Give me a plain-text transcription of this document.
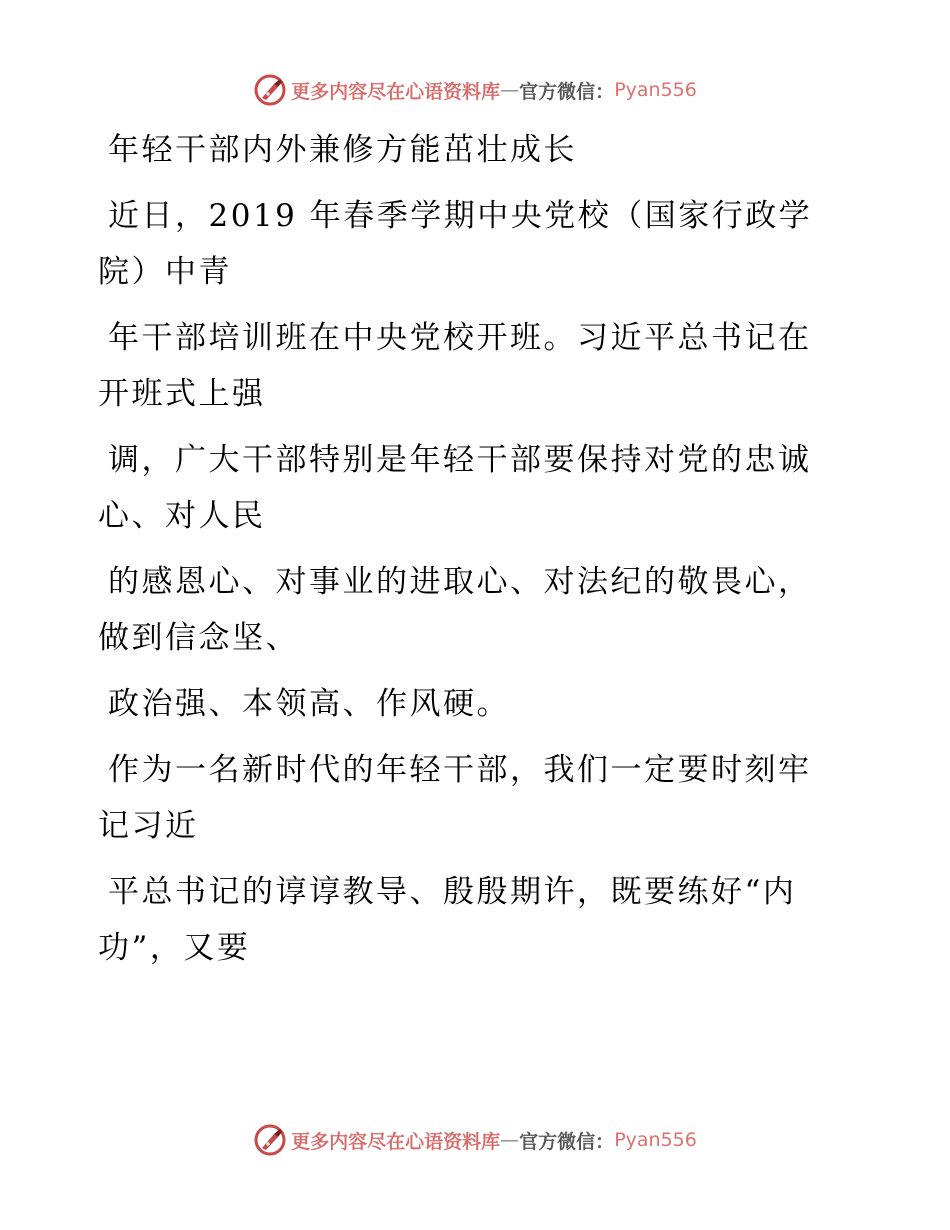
更多内容尽在心语资料库 — 官方微信： Pyan556
年轻干部内外兼修方能茁壮成长
近日，2019 年春季学期中央党校（国家行政学
院）中青
年干部培训班在中央党校开班。习近平总书记在
开班式上强
调，广大干部特别是年轻干部要保持对党的忠诚
心、对人民
的感恩心、对事业的进取心、对法纪的敬畏心，
做到信念坚、
政治强、本领高、作风硬。
作为一名新时代的年轻干部，我们一定要时刻牢
记习近
平总书记的谆谆教导、殷殷期许，既要练好“内
功”，又要
更多内容尽在心语资料库 — 官方微信： Pyan556
